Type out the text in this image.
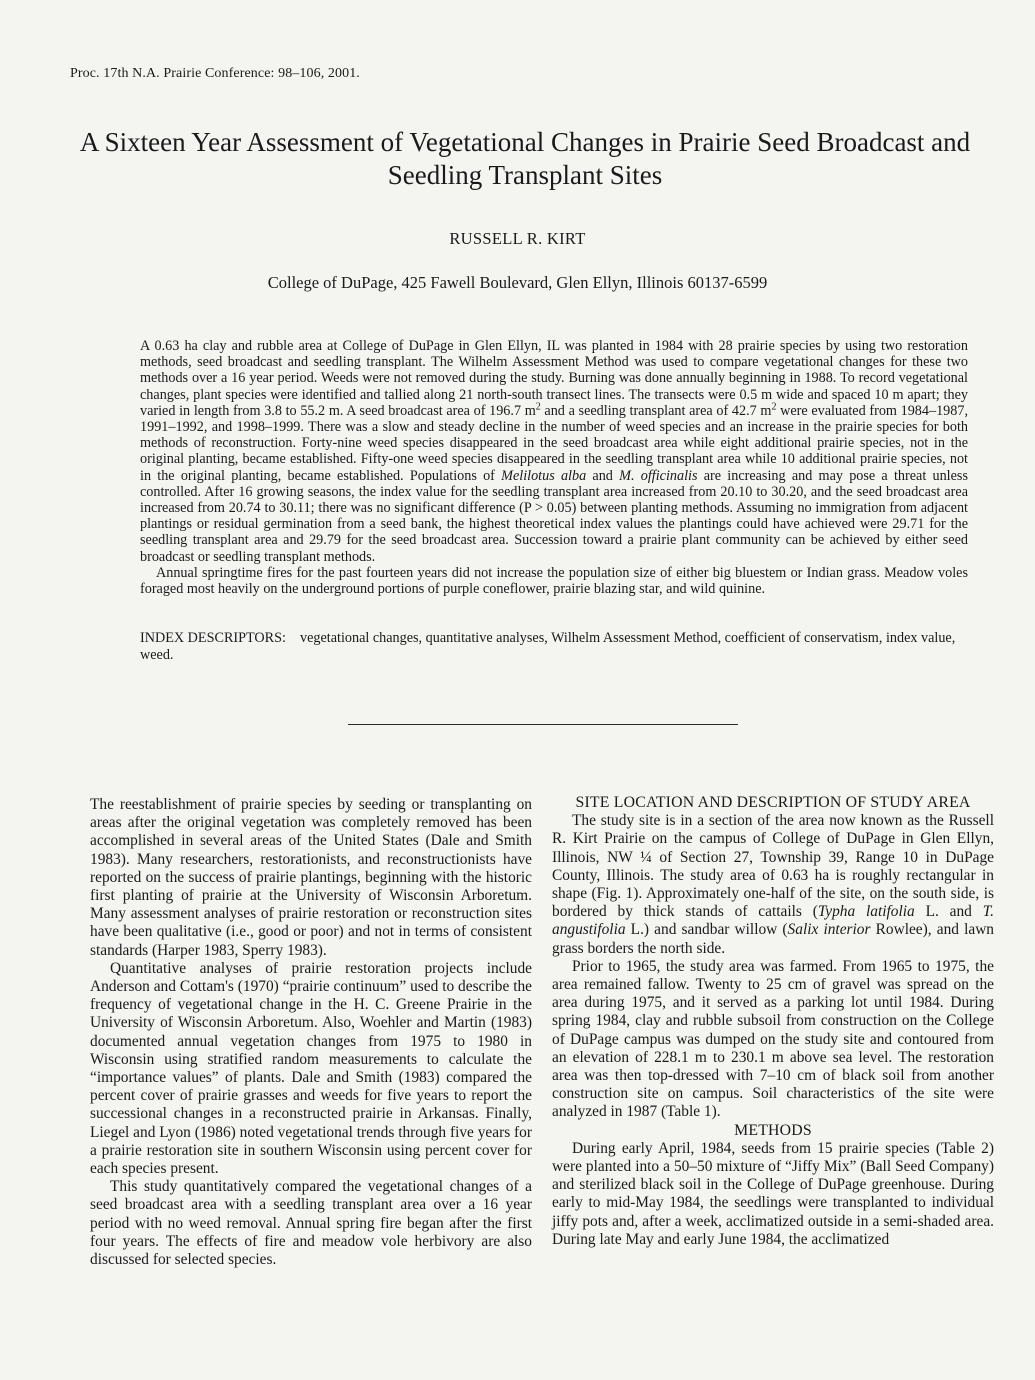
Proc. 17th N.A. Prairie Conference: 98–106, 2001.
A Sixteen Year Assessment of Vegetational Changes in Prairie Seed Broadcast and Seedling Transplant Sites
RUSSELL R. KIRT
College of DuPage, 425 Fawell Boulevard, Glen Ellyn, Illinois 60137-6599

A 0.63 ha clay and rubble area at College of DuPage in Glen Ellyn, IL was planted in 1984 with 28 prairie species by using two restoration methods, seed broadcast and seedling transplant. The Wilhelm Assessment Method was used to compare vegetational changes for these two methods over a 16 year period. Weeds were not removed during the study. Burning was done annually beginning in 1988. To record vegetational changes, plant species were identified and tallied along 21 north-south transect lines. The transects were 0.5 m wide and spaced 10 m apart; they varied in length from 3.8 to 55.2 m. A seed broadcast area of 196.7 $m^2$ and a seedling transplant area of 42.7 $m^2$ were evaluated from 1984–1987, 1991–1992, and 1998–1999. There was a slow and steady decline in the number of weed species and an increase in the prairie species for both methods of reconstruction. Forty-nine weed species disappeared in the seed broadcast area while eight additional prairie species, not in the original planting, became established. Fifty-one weed species disappeared in the seedling transplant area while 10 additional prairie species, not in the original planting, became established. Populations of Melilotus alba and M. officinalis are increasing and may pose a threat unless controlled. After 16 growing seasons, the index value for the seedling transplant area increased from 20.10 to 30.20, and the seed broadcast area increased from 20.74 to 30.11; there was no significant difference (P > 0.05) between planting methods. Assuming no immigration from adjacent plantings or residual germination from a seed bank, the highest theoretical index values the plantings could have achieved were 29.71 for the seedling transplant area and 29.79 for the seed broadcast area. Succession toward a prairie plant community can be achieved by either seed broadcast or seedling transplant methods.

Annual springtime fires for the past fourteen years did not increase the population size of either big bluestem or Indian grass. Meadow voles foraged most heavily on the underground portions of purple coneflower, prairie blazing star, and wild quinine.

INDEX DESCRIPTORS: vegetational changes, quantitative analyses, Wilhelm Assessment Method, coefficient of conservatism, index value, weed.

The reestablishment of prairie species by seeding or transplanting on areas after the original vegetation was completely removed has been accomplished in several areas of the United States (Dale and Smith 1983). Many researchers, restorationists, and reconstructionists have reported on the success of prairie plantings, beginning with the historic first planting of prairie at the University of Wisconsin Arboretum. Many assessment analyses of prairie restoration or reconstruction sites have been qualitative (i.e., good or poor) and not in terms of consistent standards (Harper 1983, Sperry 1983).

Quantitative analyses of prairie restoration projects include Anderson and Cottam's (1970) “prairie continuum” used to describe the frequency of vegetational change in the H. C. Greene Prairie in the University of Wisconsin Arboretum. Also, Woehler and Martin (1983) documented annual vegetation changes from 1975 to 1980 in Wisconsin using stratified random measurements to calculate the “importance values” of plants. Dale and Smith (1983) compared the percent cover of prairie grasses and weeds for five years to report the successional changes in a reconstructed prairie in Arkansas. Finally, Liegel and Lyon (1986) noted vegetational trends through five years for a prairie restoration site in southern Wisconsin using percent cover for each species present.

This study quantitatively compared the vegetational changes of a seed broadcast area with a seedling transplant area over a 16 year period with no weed removal. Annual spring fire began after the first four years. The effects of fire and meadow vole herbivory are also discussed for selected species.

SITE LOCATION AND DESCRIPTION OF STUDY AREA

The study site is in a section of the area now known as the Russell R. Kirt Prairie on the campus of College of DuPage in Glen Ellyn, Illinois, NW ¼ of Section 27, Township 39, Range 10 in DuPage County, Illinois. The study area of 0.63 ha is roughly rectangular in shape (Fig. 1). Approximately one-half of the site, on the south side, is bordered by thick stands of cattails (Typha latifolia L. and T. angustifolia L.) and sandbar willow (Salix interior Rowlee), and lawn grass borders the north side.

Prior to 1965, the study area was farmed. From 1965 to 1975, the area remained fallow. Twenty to 25 cm of gravel was spread on the area during 1975, and it served as a parking lot until 1984. During spring 1984, clay and rubble subsoil from construction on the College of DuPage campus was dumped on the study site and contoured from an elevation of 228.1 m to 230.1 m above sea level. The restoration area was then top-dressed with 7–10 cm of black soil from another construction site on campus. Soil characteristics of the site were analyzed in 1987 (Table 1).

METHODS

During early April, 1984, seeds from 15 prairie species (Table 2) were planted into a 50–50 mixture of “Jiffy Mix” (Ball Seed Company) and sterilized black soil in the College of DuPage greenhouse. During early to mid-May 1984, the seedlings were transplanted to individual jiffy pots and, after a week, acclimatized outside in a semi-shaded area. During late May and early June 1984, the acclimatized
